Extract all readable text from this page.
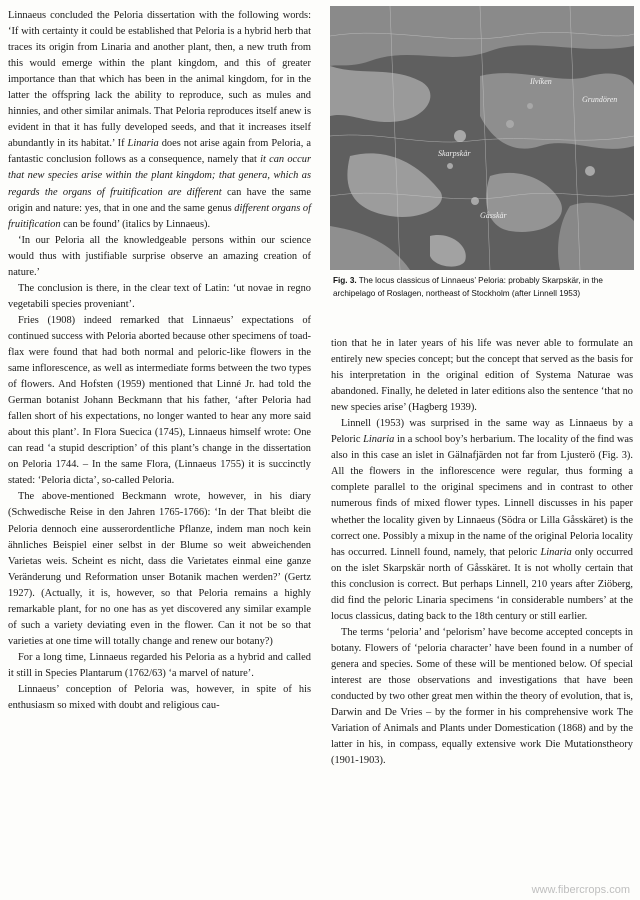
Linnaeus concluded the Peloria dissertation with the following words: ‘If with certainty it could be established that Peloria is a hybrid herb that traces its origin from Linaria and another plant, then, a new truth from this would emerge within the plant kingdom, and this of greater importance than that which has been in the animal kingdom, for in the latter the offspring lack the ability to reproduce, such as mules and hinnies, and other similar animals. That Peloria reproduces itself anew is evident in that it has fully developed seeds, and that it increases itself abundantly in its habitat.’ If Linaria does not arise again from Peloria, a fantastic conclusion follows as a consequence, namely that it can occur that new species arise within the plant kingdom; that genera, which as regards the organs of fruitification are different can have the same origin and nature: yes, that in one and the same genus different organs of fruitification can be found’ (italics by Linnaeus).

‘In our Peloria all the knowledgeable persons within our science would thus with justifiable surprise observe an amazing creation of nature.’

The conclusion is there, in the clear text of Latin: ‘ut novae in regno vegetabili species proveniant’.

Fries (1908) indeed remarked that Linnaeus’ expectations of continued success with Peloria aborted because other specimens of toad-flax were found that had both normal and peloric-like flowers in the same inflorescence, as well as intermediate forms between the two types of flowers. And Hofsten (1959) mentioned that Linné Jr. had told the German botanist Johann Beckmann that his father, ‘after Peloria had fallen short of his expectations, no longer wanted to hear any more said about this plant’. In Flora Suecica (1745), Linnaeus himself wrote: One can read ‘a stupid description’ of this plant’s change in the dissertation on Peloria 1744. – In the same Flora, (Linnaeus 1755) it is succinctly stated: ‘Peloria dicta’, so-called Peloria.

The above-mentioned Beckmann wrote, however, in his diary (Schwedische Reise in den Jahren 1765-1766): ‘In der That bleibt die Peloria dennoch eine ausserordentliche Pflanze, indem man noch kein ähnliches Beispiel einer selbst in der Blume so weit abweichenden Varietas weis. Scheint es nicht, dass die Varietates einmal eine ganze Veränderung und Reformation unser Botanik machen werden?’ (Gertz 1927). (Actually, it is, however, so that Peloria remains a highly remarkable plant, for no one has as yet discovered any similar example of such a variety deviating even in the flower. Can it not be so that varieties at one time will totally change and renew our botany?)

For a long time, Linnaeus regarded his Peloria as a hybrid and called it still in Species Plantarum (1762/63) ‘a marvel of nature’.

Linnaeus’ conception of Peloria was, however, in spite of his enthusiasm so mixed with doubt and religious cau-

Ilvíken
Grundören
Skarpskär
Gåsskär
Fig. 3. The locus classicus of Linnaeus’ Peloria: probably Skarpskär, in the archipelago of Roslagen, northeast of Stockholm (after Linnell 1953)

tion that he in later years of his life was never able to formulate an entirely new species concept; but the concept that served as the basis for his interpretation in the original edition of Systema Naturae was abandoned. Finally, he deleted in later editions also the sentence ‘that no new species arise’ (Hagberg 1939).

Linnell (1953) was surprised in the same way as Linnaeus by a Peloric Linaria in a school boy’s herbarium. The locality of the find was also in this case an islet in Gälnafjärden not far from Ljusterö (Fig. 3). All the flowers in the inflorescence were regular, thus forming a complete parallel to the original specimens and in contrast to other numerous finds of mixed flower types. Linnell discusses in his paper whether the locality given by Linnaeus (Södra or Lilla Gåsskäret) is the correct one. Possibly a mixup in the name of the original Peloria locality has occurred. Linnell found, namely, that peloric Linaria only occurred on the islet Skarpskär north of Gåsskäret. It is not wholly certain that this conclusion is correct. But perhaps Linnell, 210 years after Ziöberg, did find the peloric Linaria specimens ‘in considerable numbers’ at the locus classicus, dating back to the 18th century or still earlier.

The terms ‘peloria’ and ‘pelorism’ have become accepted concepts in botany. Flowers of ‘peloria character’ have been found in a number of genera and species. Some of these will be mentioned below. Of special interest are those observations and investigations that have been conducted by two other great men within the theory of evolution, that is, Darwin and De Vries – by the former in his comprehensive work The Variation of Animals and Plants under Domestication (1868) and by the latter in his, in compass, equally extensive work Die Mutationstheory (1901-1903).

www.fibercrops.com
